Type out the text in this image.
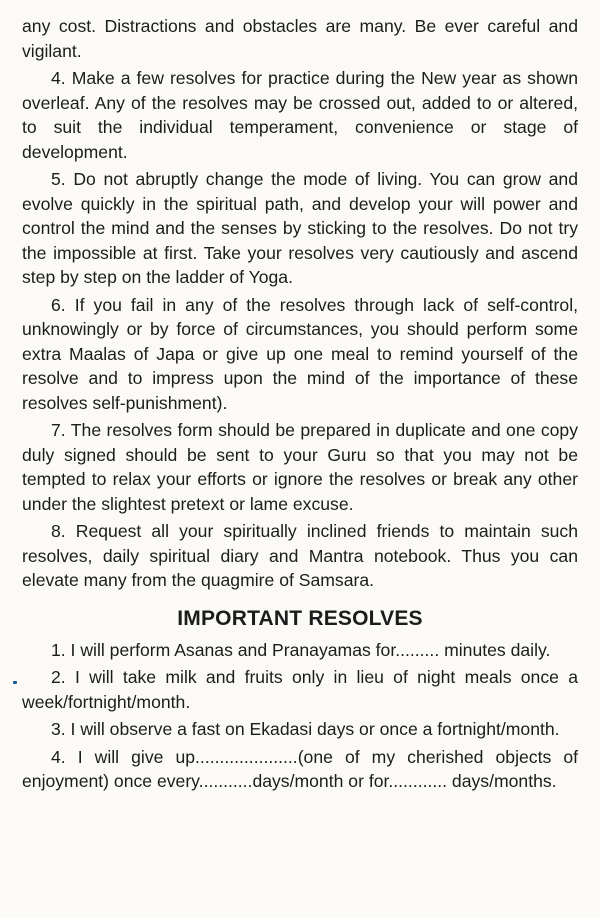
any cost. Distractions and obstacles are many. Be ever careful and vigilant.

4. Make a few resolves for practice during the New year as shown overleaf. Any of the resolves may be crossed out, added to or altered, to suit the individual temperament, convenience or stage of development.

5. Do not abruptly change the mode of living. You can grow and evolve quickly in the spiritual path, and develop your will power and control the mind and the senses by sticking to the resolves. Do not try the impossible at first. Take your resolves very cautiously and ascend step by step on the ladder of Yoga.

6. If you fail in any of the resolves through lack of self-control, unknowingly or by force of circumstances, you should perform some extra Maalas of Japa or give up one meal to remind yourself of the resolve and to impress upon the mind of the importance of these resolves self-punishment).

7. The resolves form should be prepared in duplicate and one copy duly signed should be sent to your Guru so that you may not be tempted to relax your efforts or ignore the resolves or break any other under the slightest pretext or lame excuse.

8. Request all your spiritually inclined friends to maintain such resolves, daily spiritual diary and Mantra notebook. Thus you can elevate many from the quagmire of Samsara.

IMPORTANT RESOLVES

1. I will perform Asanas and Pranayamas for......... minutes daily.

2. I will take milk and fruits only in lieu of night meals once a week/fortnight/month.

3. I will observe a fast on Ekadasi days or once a fortnight/month.

4. I will give up.....................(one of my cherished objects of enjoyment) once every...........days/month or for............ days/months.
